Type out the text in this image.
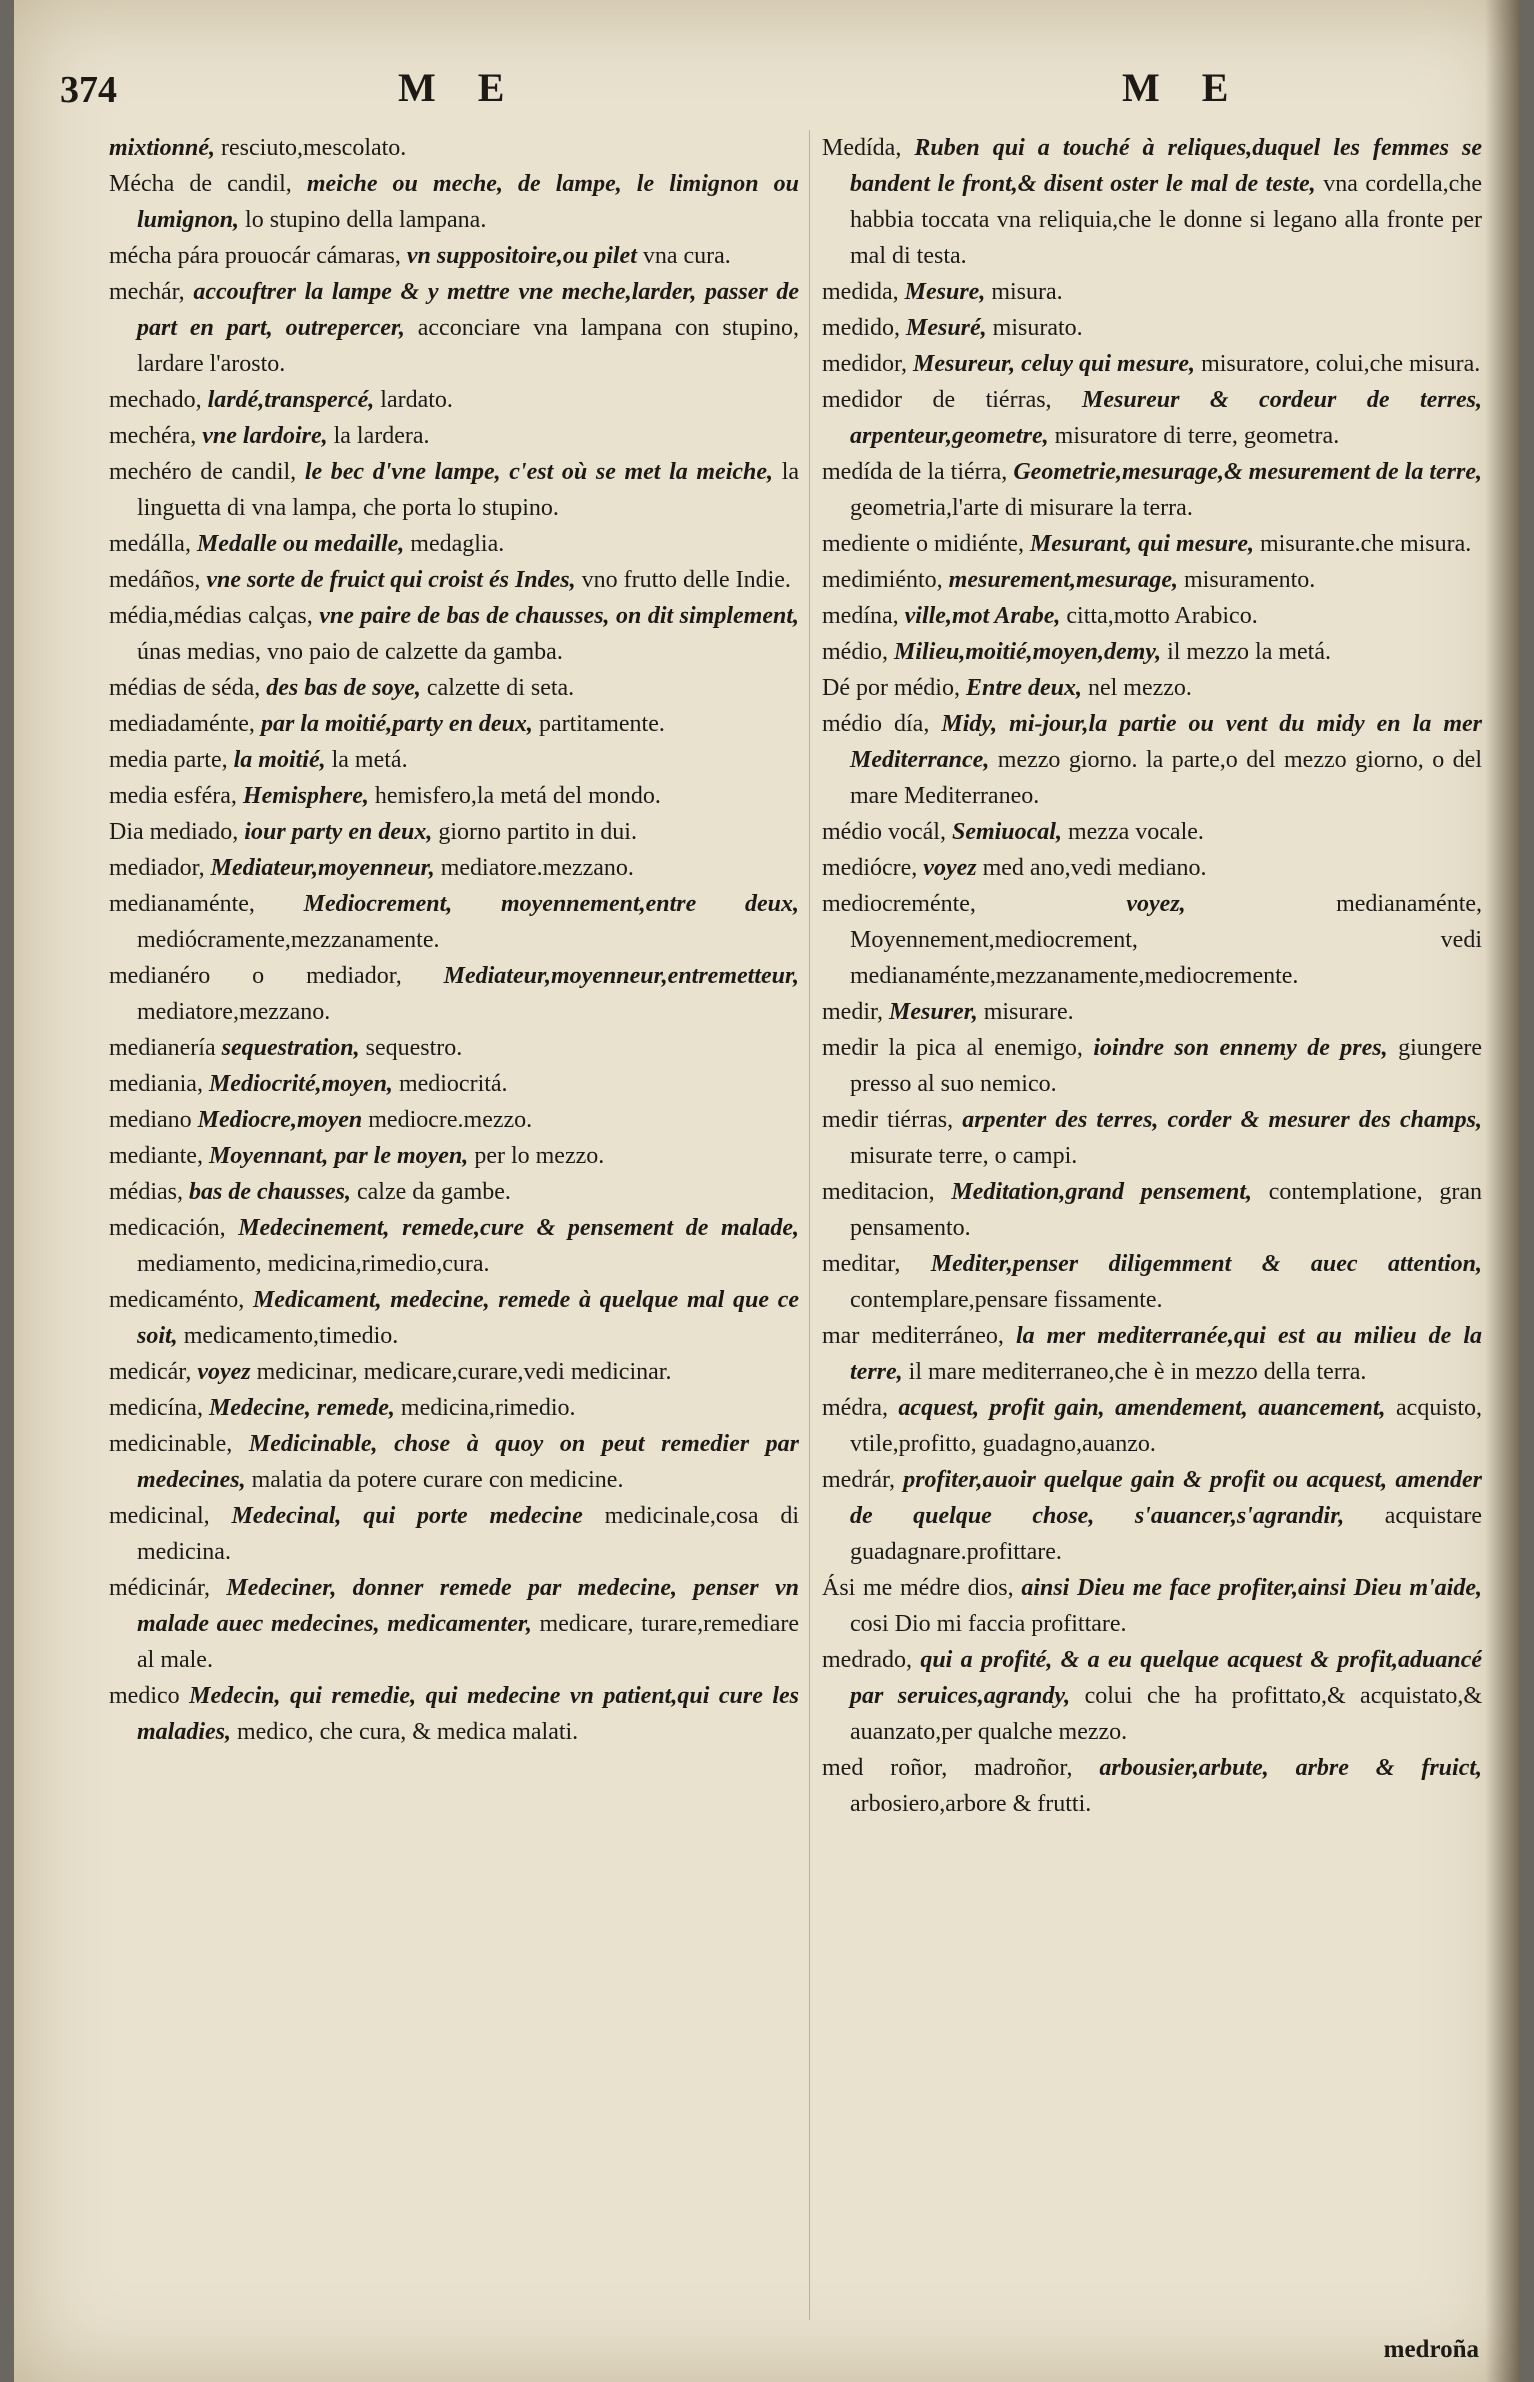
374	M E	M E

mixtionné, resciuto,mescolato.

Mécha de candil, meiche ou meche, de lampe, le limignon ou lumignon, lo stupino della lampana.

mécha pára prouocár cámaras, vn suppositoire,ou pilet vna cura.

mechár, accouftrer la lampe & y mettre vne meche,larder, passer de part en part, outrepercer, acconciare vna lampana con stupino, lardare l'arosto.

mechado, lardé,transpercé, lardato.

mechéra, vne lardoire, la lardera.

mechéro de candil, le bec d'vne lampe, c'est où se met la meiche, la linguetta di vna lampa, che porta lo stupino.

medálla, Medalle ou medaille, medaglia.

medáños, vne sorte de fruict qui croist és Indes, vno frutto delle Indie.

média,médias calças, vne paire de bas de chausses, on dit simplement, únas medias, vno paio de calzette da gamba.

médias de séda, des bas de soye, calzette di seta.

mediadaménte, par la moitié,party en deux, partitamente.

media parte, la moitié, la metá.

media esféra, Hemisphere, hemisfero,la metá del mondo.

Dia mediado, iour party en deux, giorno partito in dui.

mediador, Mediateur,moyenneur, mediatore.mezzano.

medianaménte, Mediocrement, moyennement,entre deux, mediócramente,mezzanamente.

medianéro o mediador, Mediateur,moyenneur,entremetteur, mediatore,mezzano.

medianería sequestration, sequestro.

mediania, Mediocrité,moyen, mediocritá.

mediano Mediocre,moyen mediocre.mezzo.

mediante, Moyennant, par le moyen, per lo mezzo.

médias, bas de chausses, calze da gambe.

medicación, Medecinement, remede,cure & pensement de malade, mediamento, medicina,rimedio,cura.

medicaménto, Medicament, medecine, remede à quelque mal que ce soit, medicamento,timedio.

medicár, voyez medicinar, medicare,curare,vedi medicinar.

medicína, Medecine, remede, medicina,rimedio.

medicinable, Medicinable, chose à quoy on peut remedier par medecines, malatia da potere curare con medicine.

medicinal, Medecinal, qui porte medecine medicinale,cosa di medicina.

médicinár, Medeciner, donner remede par medecine, penser vn malade auec medecines, medicamenter, medicare, turare,remediare al male.

medico Medecin, qui remedie, qui medecine vn patient,qui cure les maladies, medico, che cura, & medica malati.

Medída, Ruben qui a touché à reliques,duquel les femmes se bandent le front,& disent oster le mal de teste, vna cordella,che habbia toccata vna reliquia,che le donne si legano alla fronte per mal di testa.

medida, Mesure, misura.

medido, Mesuré, misurato.

medidor, Mesureur, celuy qui mesure, misuratore, colui,che misura.

medidor de tiérras, Mesureur & cordeur de terres, arpenteur,geometre, misuratore di terre, geometra.

medída de la tiérra, Geometrie,mesurage,& mesurement de la terre, geometria,l'arte di misurare la terra.

mediente o midiénte, Mesurant, qui mesure, misurante.che misura.

medimiénto, mesurement,mesurage, misuramento.

medína, ville,mot Arabe, citta,motto Arabico.

médio, Milieu,moitié,moyen,demy, il mezzo la metá.

Dé por médio, Entre deux, nel mezzo.

médio día, Midy, mi-jour,la partie ou vent du midy en la mer Mediterrance, mezzo giorno. la parte,o del mezzo giorno, o del mare Mediterraneo.

médio vocál, Semiuocal, mezza vocale.

mediócre, voyez med ano,vedi mediano.

mediocreménte,	voyez,	medianaménte, Moyennement,mediocrement, vedi medianaménte,mezzanamente,mediocremente.

medir, Mesurer, misurare.

medir la pica al enemigo, ioindre son ennemy de pres, giungere presso al suo nemico.

medir tiérras, arpenter des terres, corder & mesurer des champs, misurate terre, o campi.

meditacion, Meditation,grand pensement, contemplatione, gran pensamento.

meditar, Mediter,penser diligemment & auec attention, contemplare,pensare fissamente.

mar mediterráneo, la mer mediterranée,qui est au milieu de la terre, il mare mediterraneo,che è in mezzo della terra.

médra, acquest, profit gain, amendement, auancement, acquisto, vtile,profitto, guadagno,auanzo.

medrár, profiter,auoir quelque gain & profit ou acquest, amender de quelque chose, s'auancer,s'agrandir, acquistare guadagnare.profittare.

Ási me médre dios, ainsi Dieu me face profiter,ainsi Dieu m'aide, cosi Dio mi faccia profittare.

medrado, qui a profité, & a eu quelque acquest & profit,aduancé par seruices,agrandy, colui che ha profittato,& acquistato,& auanzato,per qualche mezzo.

med roñor, madroñor, arbousier,arbute, arbre & fruict, arbosiero,arbore & frutti.

medroña
